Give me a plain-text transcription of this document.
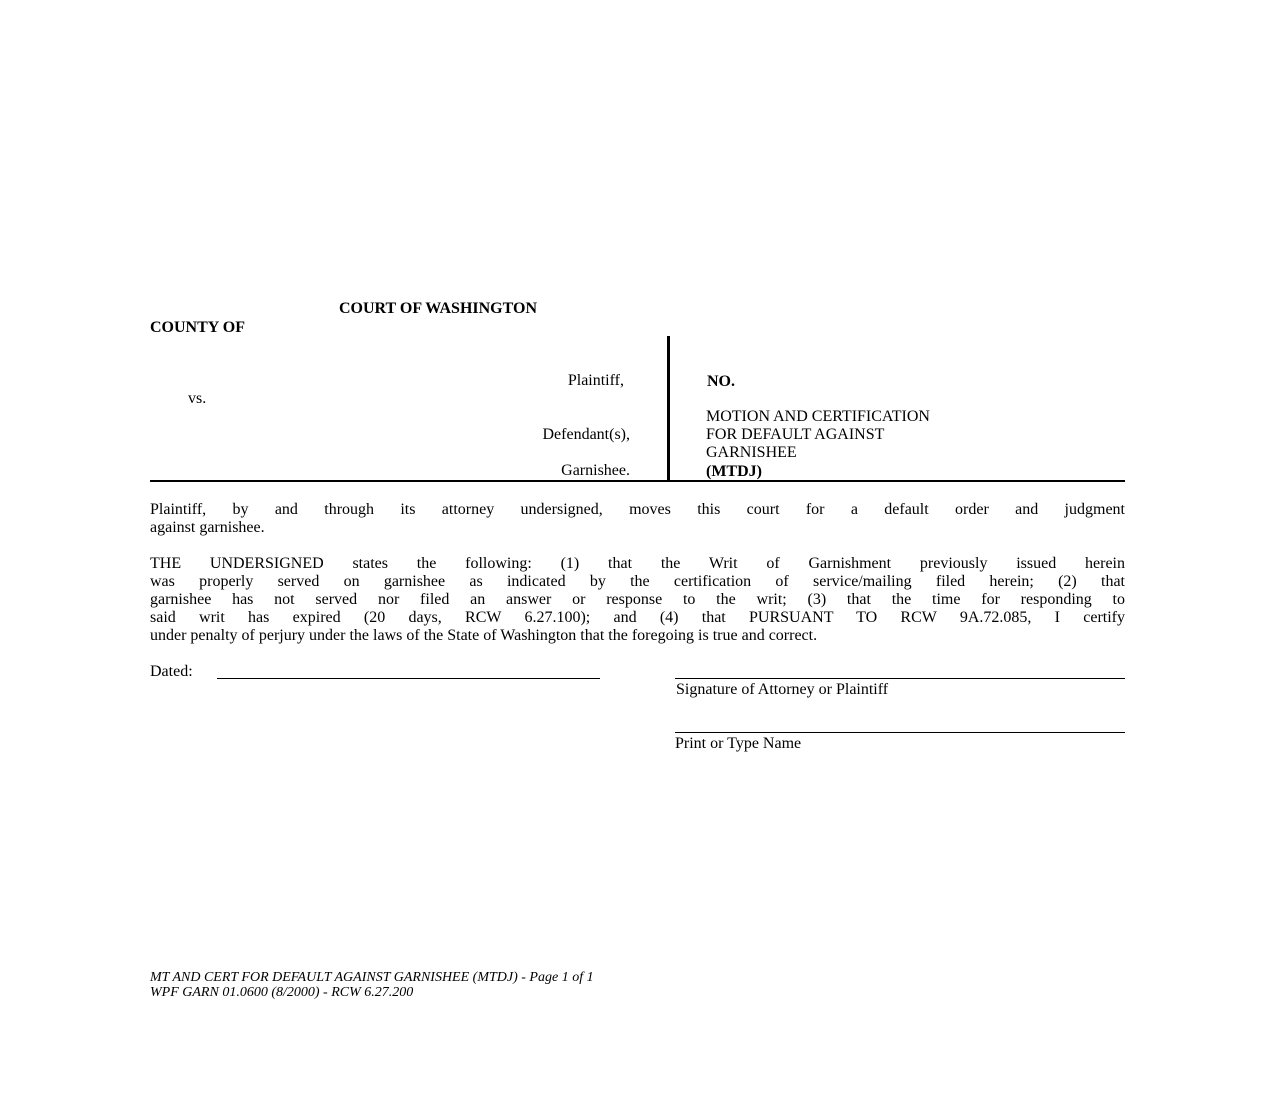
COURT OF WASHINGTON
COUNTY OF
Plaintiff,
vs.
Defendant(s),
Garnishee.
NO.
MOTION AND CERTIFICATION
FOR DEFAULT AGAINST
GARNISHEE
(MTDJ)
Plaintiff, by and through its attorney undersigned, moves this court for a default order and judgment
against garnishee.
THE UNDERSIGNED states the following: (1) that the Writ of Garnishment previously issued herein
was properly served on garnishee as indicated by the certification of service/mailing filed herein; (2) that
garnishee has not served nor filed an answer or response to the writ; (3) that the time for responding to
said writ has expired (20 days, RCW 6.27.100); and (4) that PURSUANT TO RCW 9A.72.085, I certify
under penalty of perjury under the laws of the State of Washington that the foregoing is true and correct.
Dated:
Signature of Attorney or Plaintiff
Print or Type Name
MT AND CERT FOR DEFAULT AGAINST GARNISHEE (MTDJ) - Page 1 of 1
WPF GARN 01.0600 (8/2000) - RCW 6.27.200
